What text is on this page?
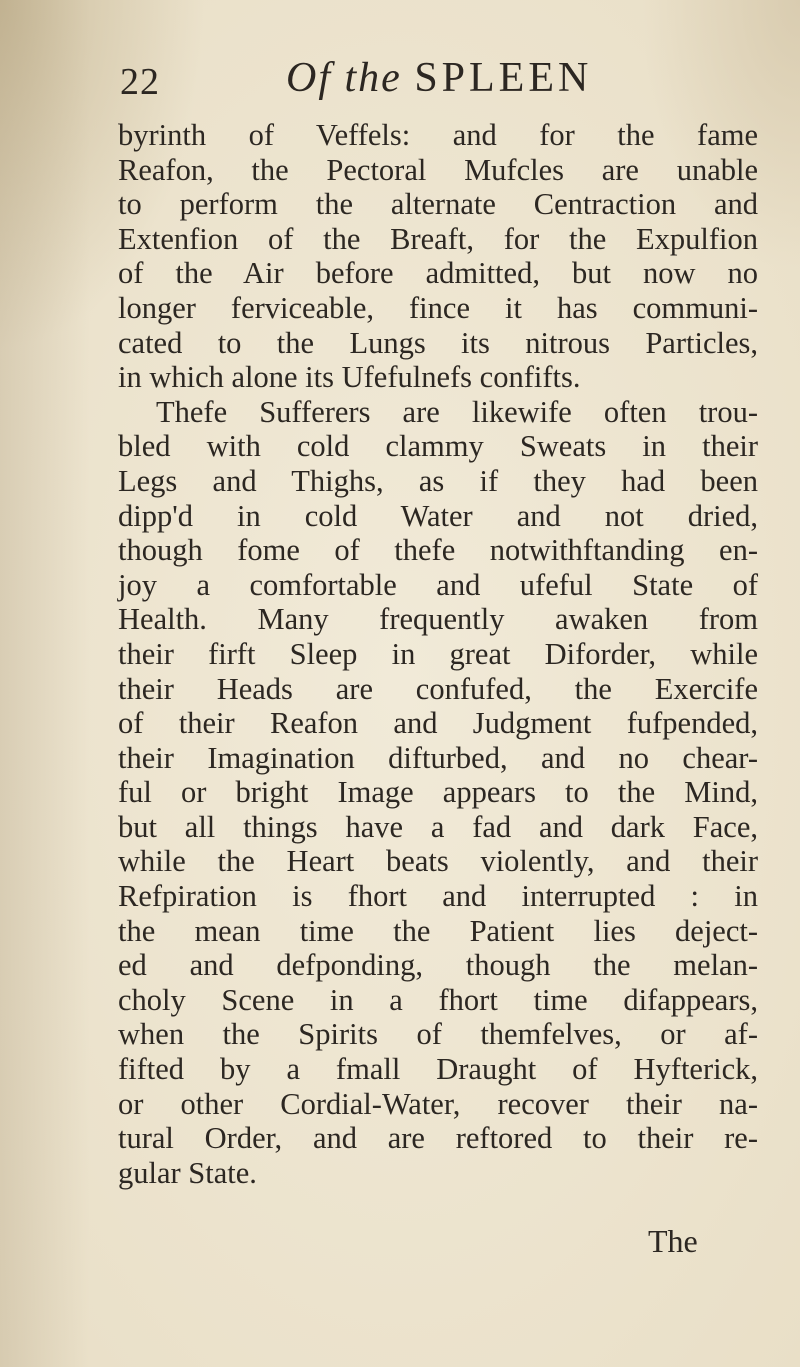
22	Of the SPLEEN
byrinth of Veffels: and for the fame
Reafon, the Pectoral Mufcles are unable
to perform the alternate Centraction and
Extenfion of the Breaft, for the Expulfion
of the Air before admitted, but now no
longer ferviceable, fince it has communi-
cated to the Lungs its nitrous Particles,
in which alone its Ufefulnefs confifts.
Thefe Sufferers are likewife often trou-
bled with cold clammy Sweats in their
Legs and Thighs, as if they had been
dipp'd in cold Water and not dried,
though fome of thefe notwithftanding en-
joy a comfortable and ufeful State of
Health. Many frequently awaken from
their firft Sleep in great Diforder, while
their Heads are confufed, the Exercife
of their Reafon and Judgment fufpended,
their Imagination difturbed, and no chear-
ful or bright Image appears to the Mind,
but all things have a fad and dark Face,
while the Heart beats violently, and their
Refpiration is fhort and interrupted : in
the mean time the Patient lies deject-
ed and defponding, though the melan-
choly Scene in a fhort time difappears,
when the Spirits of themfelves, or af-
fifted by a fmall Draught of Hyfterick,
or other Cordial-Water, recover their na-
tural Order, and are reftored to their re-
gular State.
The
